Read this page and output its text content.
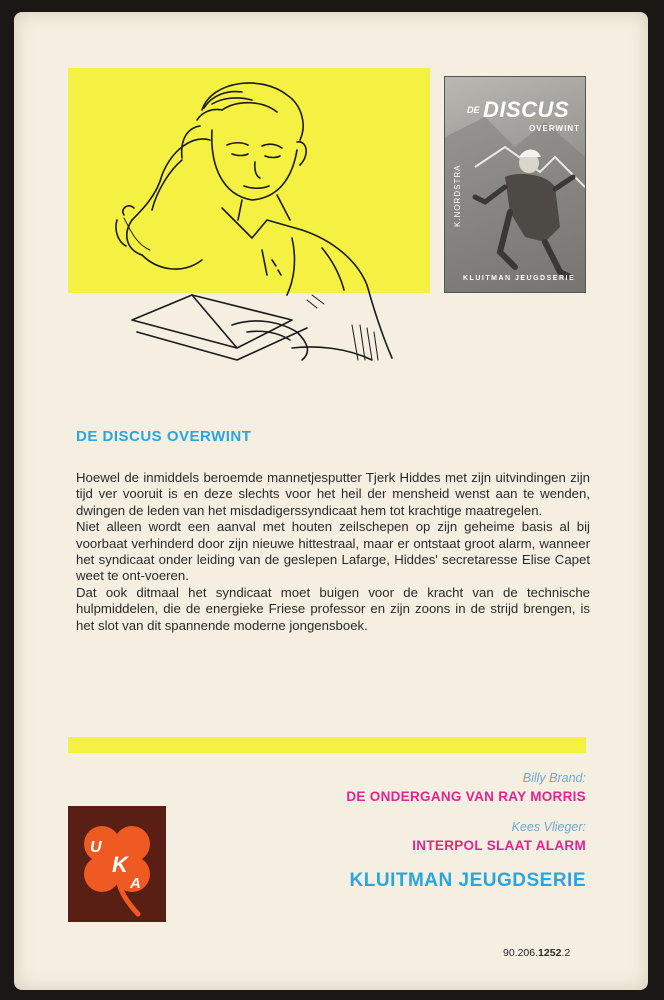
DE DISCUS
OVERWINT
K.NORDSTRA
KLUITMAN JEUGDSERIE
DE DISCUS OVERWINT

Hoewel de inmiddels beroemde mannetjesputter Tjerk Hiddes met zijn uitvindingen zijn tijd ver vooruit is en deze slechts voor het heil der mensheid wenst aan te wenden, dwingen de leden van het misdadigerssyndicaat hem tot krachtige maatregelen.

Niet alleen wordt een aanval met houten zeilschepen op zijn geheime basis al bij voorbaat verhinderd door zijn nieuwe hittestraal, maar er ontstaat groot alarm, wanneer het syndicaat onder leiding van de geslepen Lafarge, Hiddes' secretaresse Elise Capet weet te ont-voeren.

Dat ook ditmaal het syndicaat moet buigen voor de kracht van de technische hulpmiddelen, die de energieke Friese professor en zijn zoons in de strijd brengen, is het slot van dit spannende moderne jongensboek.

Billy Brand:
DE ONDERGANG VAN RAY MORRIS
Kees Vlieger:
INTERPOL SLAAT ALARM
KLUITMAN JEUGDSERIE
U
K
A
90.206.1252.2
